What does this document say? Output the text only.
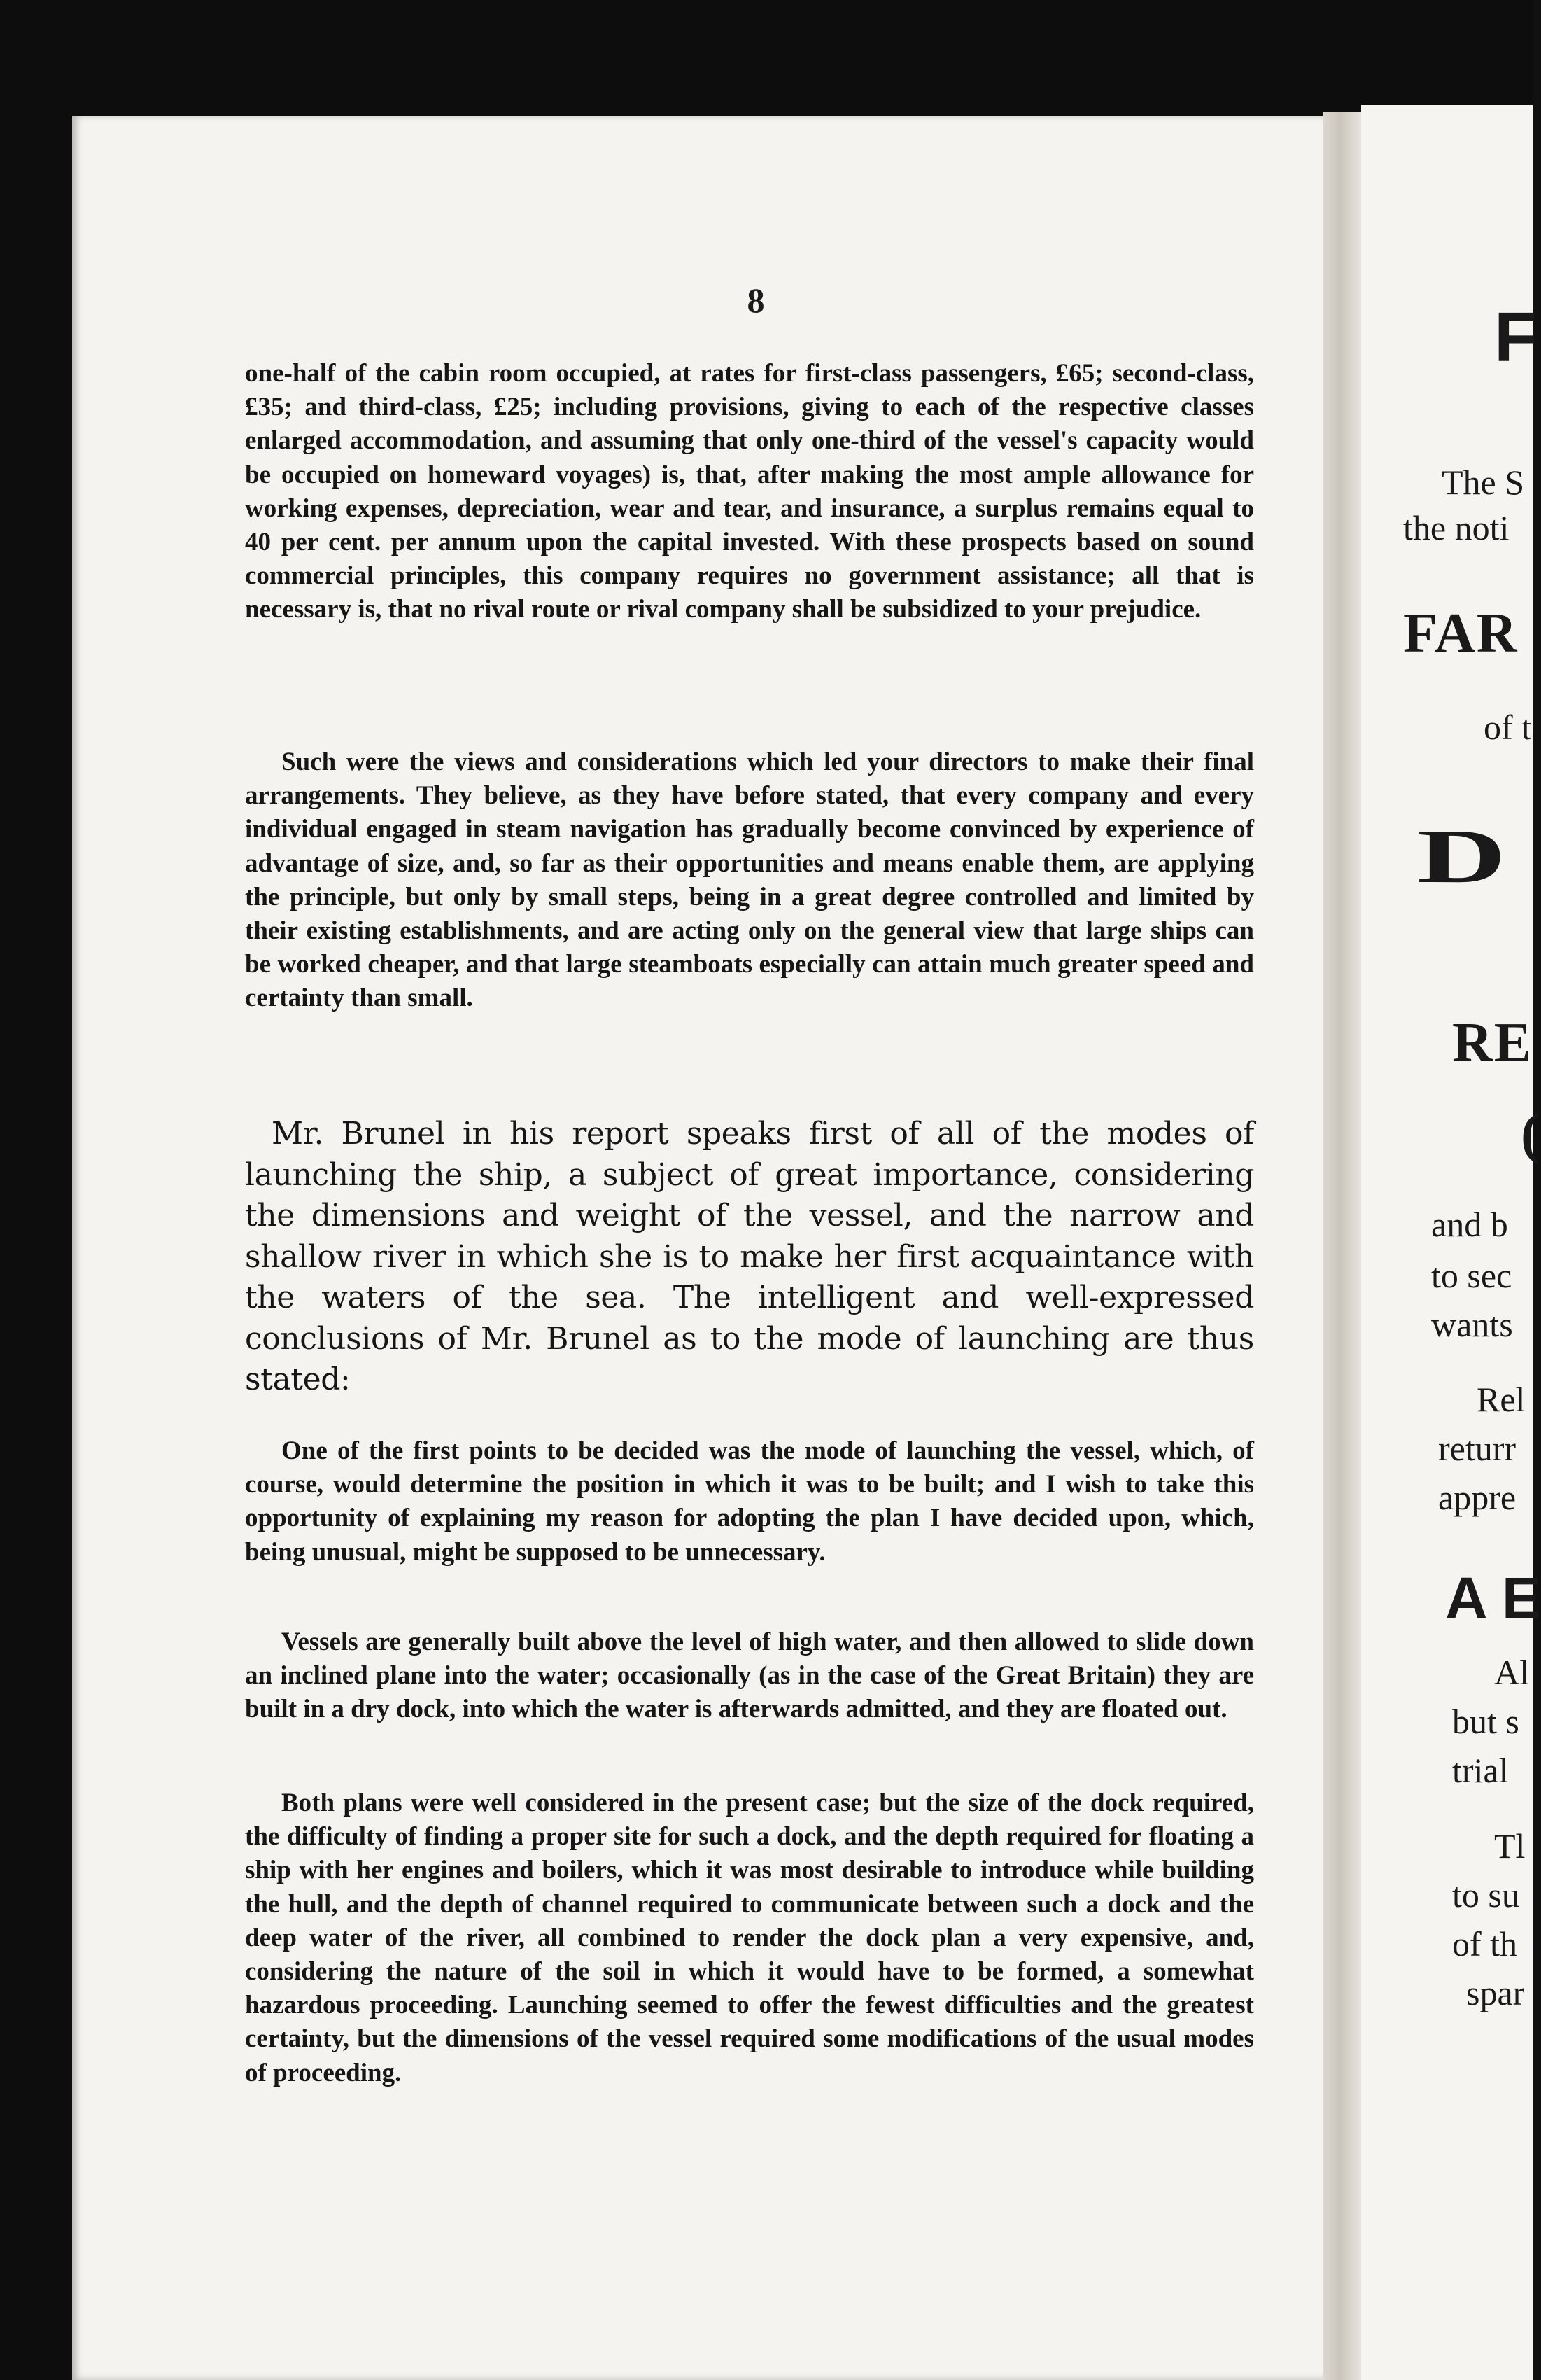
F
The S
the noti
FAR
of t
D
RE
(
and b
to sec
wants
Rel
returr
appre
A E
Al
but s
trial
Tl
to su
of th
spar
8

one-half of the cabin room occupied, at rates for first-class passengers, £65; second-class, £35; and third-class, £25; including provisions, giving to each of the respective classes enlarged accommodation, and assuming that only one-third of the vessel's capacity would be occupied on homeward voyages) is, that, after making the most ample allowance for working expenses, depreciation, wear and tear, and insurance, a surplus remains equal to 40 per cent. per annum upon the capital invested. With these prospects based on sound commercial principles, this company requires no government assistance; all that is necessary is, that no rival route or rival company shall be subsidized to your prejudice.

Such were the views and considerations which led your directors to make their final arrangements. They believe, as they have before stated, that every company and every individual engaged in steam navigation has gradually become convinced by experience of advantage of size, and, so far as their opportunities and means enable them, are applying the principle, but only by small steps, being in a great degree controlled and limited by their existing establishments, and are acting only on the general view that large ships can be worked cheaper, and that large steamboats especially can attain much greater speed and certainty than small.

Mr. Brunel in his report speaks first of all of the modes of launching the ship, a subject of great importance, considering the dimensions and weight of the vessel, and the narrow and shallow river in which she is to make her first acquaintance with the waters of the sea. The intelligent and well-expressed conclusions of Mr. Brunel as to the mode of launching are thus stated:

One of the first points to be decided was the mode of launching the vessel, which, of course, would determine the position in which it was to be built; and I wish to take this opportunity of explaining my reason for adopting the plan I have decided upon, which, being unusual, might be supposed to be unnecessary.

Vessels are generally built above the level of high water, and then allowed to slide down an inclined plane into the water; occasionally (as in the case of the Great Britain) they are built in a dry dock, into which the water is afterwards admitted, and they are floated out.

Both plans were well considered in the present case; but the size of the dock required, the difficulty of finding a proper site for such a dock, and the depth required for floating a ship with her engines and boilers, which it was most desirable to introduce while building the hull, and the depth of channel required to communicate between such a dock and the deep water of the river, all combined to render the dock plan a very expensive, and, considering the nature of the soil in which it would have to be formed, a somewhat hazardous proceeding. Launching seemed to offer the fewest difficulties and the greatest certainty, but the dimensions of the vessel required some modifications of the usual modes of proceeding.
